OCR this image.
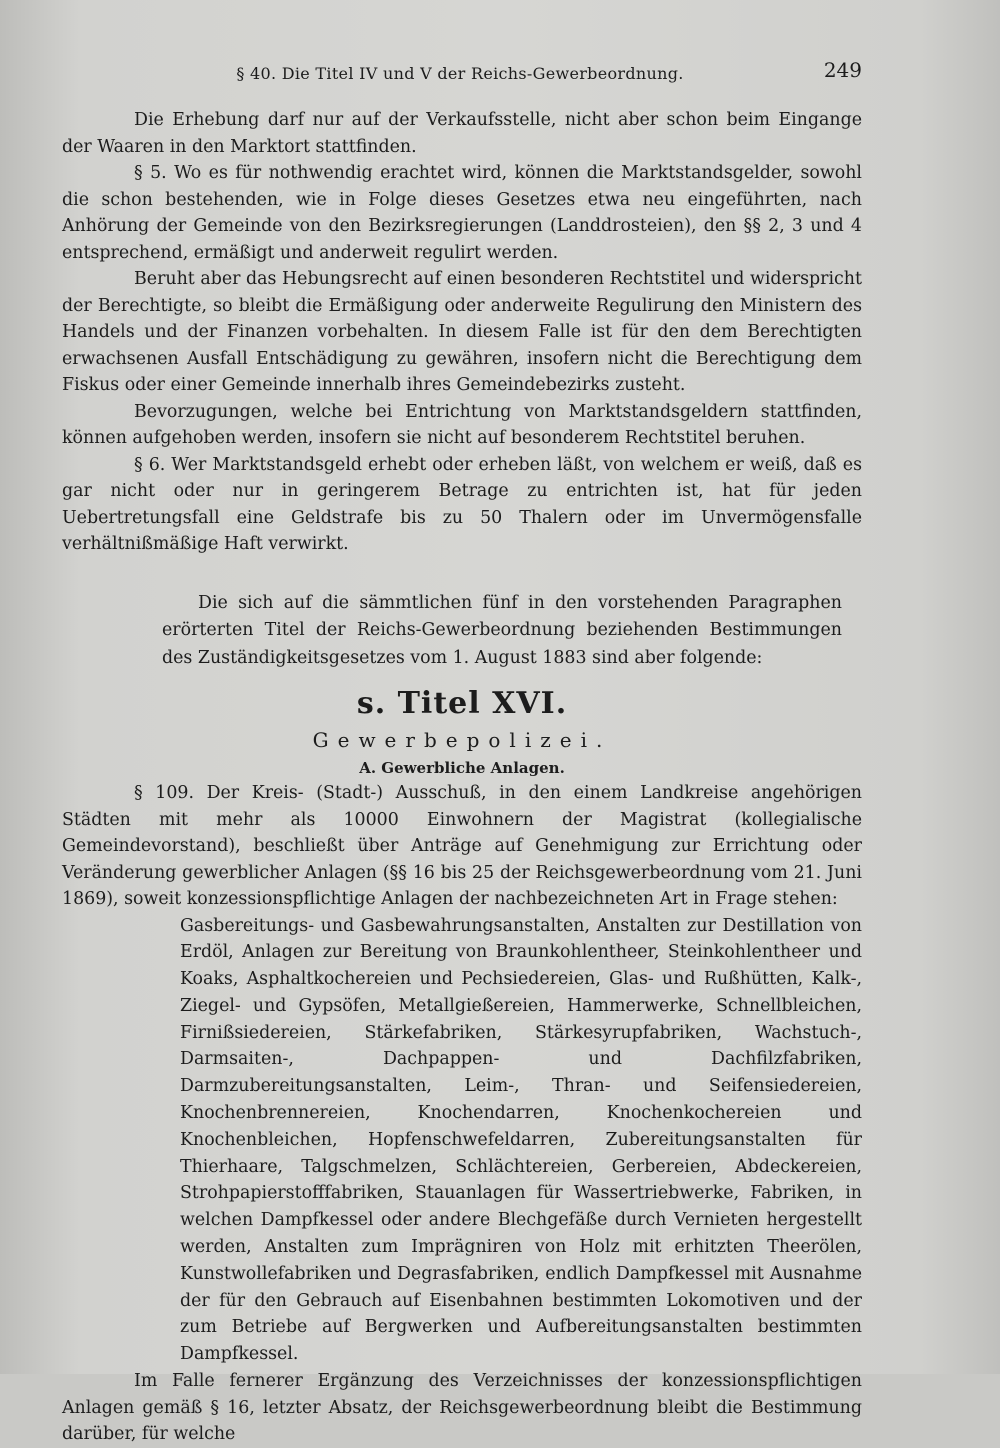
§ 40. Die Titel IV und V der Reichs-Gewerbeordnung.	249

Die Erhebung darf nur auf der Verkaufsstelle, nicht aber schon beim Eingange der Waaren in den Marktort stattfinden.

§ 5. Wo es für nothwendig erachtet wird, können die Marktstandsgelder, sowohl die schon bestehenden, wie in Folge dieses Gesetzes etwa neu eingeführten, nach Anhörung der Gemeinde von den Bezirksregierungen (Landdrosteien), den §§ 2, 3 und 4 entsprechend, ermäßigt und anderweit regulirt werden.

Beruht aber das Hebungsrecht auf einen besonderen Rechtstitel und widerspricht der Berechtigte, so bleibt die Ermäßigung oder anderweite Regulirung den Ministern des Handels und der Finanzen vorbehalten. In diesem Falle ist für den dem Berechtigten erwachsenen Ausfall Entschädigung zu gewähren, insofern nicht die Berechtigung dem Fiskus oder einer Gemeinde innerhalb ihres Gemeindebezirks zusteht.

Bevorzugungen, welche bei Entrichtung von Marktstandsgeldern stattfinden, können aufgehoben werden, insofern sie nicht auf besonderem Rechtstitel beruhen.

§ 6. Wer Marktstandsgeld erhebt oder erheben läßt, von welchem er weiß, daß es gar nicht oder nur in geringerem Betrage zu entrichten ist, hat für jeden Uebertretungsfall eine Geldstrafe bis zu 50 Thalern oder im Unvermögensfalle verhältnißmäßige Haft verwirkt.

Die sich auf die sämmtlichen fünf in den vorstehenden Paragraphen erörterten Titel der Reichs-Gewerbeordnung beziehenden Bestimmungen des Zuständigkeitsgesetzes vom 1. August 1883 sind aber folgende:

s. Titel XVI.
Gewerbepolizei.
A. Gewerbliche Anlagen.

§ 109. Der Kreis- (Stadt-) Ausschuß, in den einem Landkreise angehörigen Städten mit mehr als 10000 Einwohnern der Magistrat (kollegialische Gemeindevorstand), beschließt über Anträge auf Genehmigung zur Errichtung oder Veränderung gewerblicher Anlagen (§§ 16 bis 25 der Reichsgewerbeordnung vom 21. Juni 1869), soweit konzessionspflichtige Anlagen der nachbezeichneten Art in Frage stehen:

Gasbereitungs- und Gasbewahrungsanstalten, Anstalten zur Destillation von Erdöl, Anlagen zur Bereitung von Braunkohlentheer, Steinkohlentheer und Koaks, Asphaltkochereien und Pechsiedereien, Glas- und Rußhütten, Kalk-, Ziegel- und Gypsöfen, Metallgießereien, Hammerwerke, Schnellbleichen, Firnißsiedereien, Stärkefabriken, Stärkesyrupfabriken, Wachstuch-, Darmsaiten-, Dachpappen- und Dachfilzfabriken, Darmzubereitungsanstalten, Leim-, Thran- und Seifensiedereien, Knochenbrennereien, Knochendarren, Knochenkochereien und Knochenbleichen, Hopfenschwefeldarren, Zubereitungsanstalten für Thierhaare, Talgschmelzen, Schlächtereien, Gerbereien, Abdeckereien, Strohpapierstofffabriken, Stauanlagen für Wassertriebwerke, Fabriken, in welchen Dampfkessel oder andere Blechgefäße durch Vernieten hergestellt werden, Anstalten zum Imprägniren von Holz mit erhitzten Theerölen, Kunstwollefabriken und Degrasfabriken, endlich Dampfkessel mit Ausnahme der für den Gebrauch auf Eisenbahnen bestimmten Lokomotiven und der zum Betriebe auf Bergwerken und Aufbereitungsanstalten bestimmten Dampfkessel.

Im Falle fernerer Ergänzung des Verzeichnisses der konzessionspflichtigen Anlagen gemäß § 16, letzter Absatz, der Reichsgewerbeordnung bleibt die Bestimmung darüber, für welche
